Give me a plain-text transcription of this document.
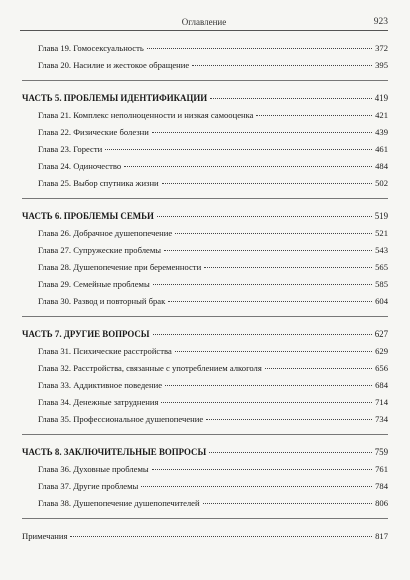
Оглавление	923
Глава 19. Гомосексуальность	372
Глава 20. Насилие и жестокое обращение	395
ЧАСТЬ 5. ПРОБЛЕМЫ ИДЕНТИФИКАЦИИ	419
Глава 21. Комплекс неполноценности и низкая самооценка	421
Глава 22. Физические болезни	439
Глава 23. Горести	461
Глава 24. Одиночество	484
Глава 25. Выбор спутника жизни	502
ЧАСТЬ 6. ПРОБЛЕМЫ СЕМЬИ	519
Глава 26. Добрачное душепопечение	521
Глава 27. Супружеские проблемы	543
Глава 28. Душепопечение при беременности	565
Глава 29. Семейные проблемы	585
Глава 30. Развод и повторный брак	604
ЧАСТЬ 7. ДРУГИЕ ВОПРОСЫ	627
Глава 31. Психические расстройства	629
Глава 32. Расстройства, связанные с употреблением алкоголя	656
Глава 33. Аддиктивное поведение	684
Глава 34. Денежные затруднения	714
Глава 35. Профессиональное душепопечение	734
ЧАСТЬ 8. ЗАКЛЮЧИТЕЛЬНЫЕ ВОПРОСЫ	759
Глава 36. Духовные проблемы	761
Глава 37. Другие проблемы	784
Глава 38. Душепопечение душепопечителей	806
Примечания	817
